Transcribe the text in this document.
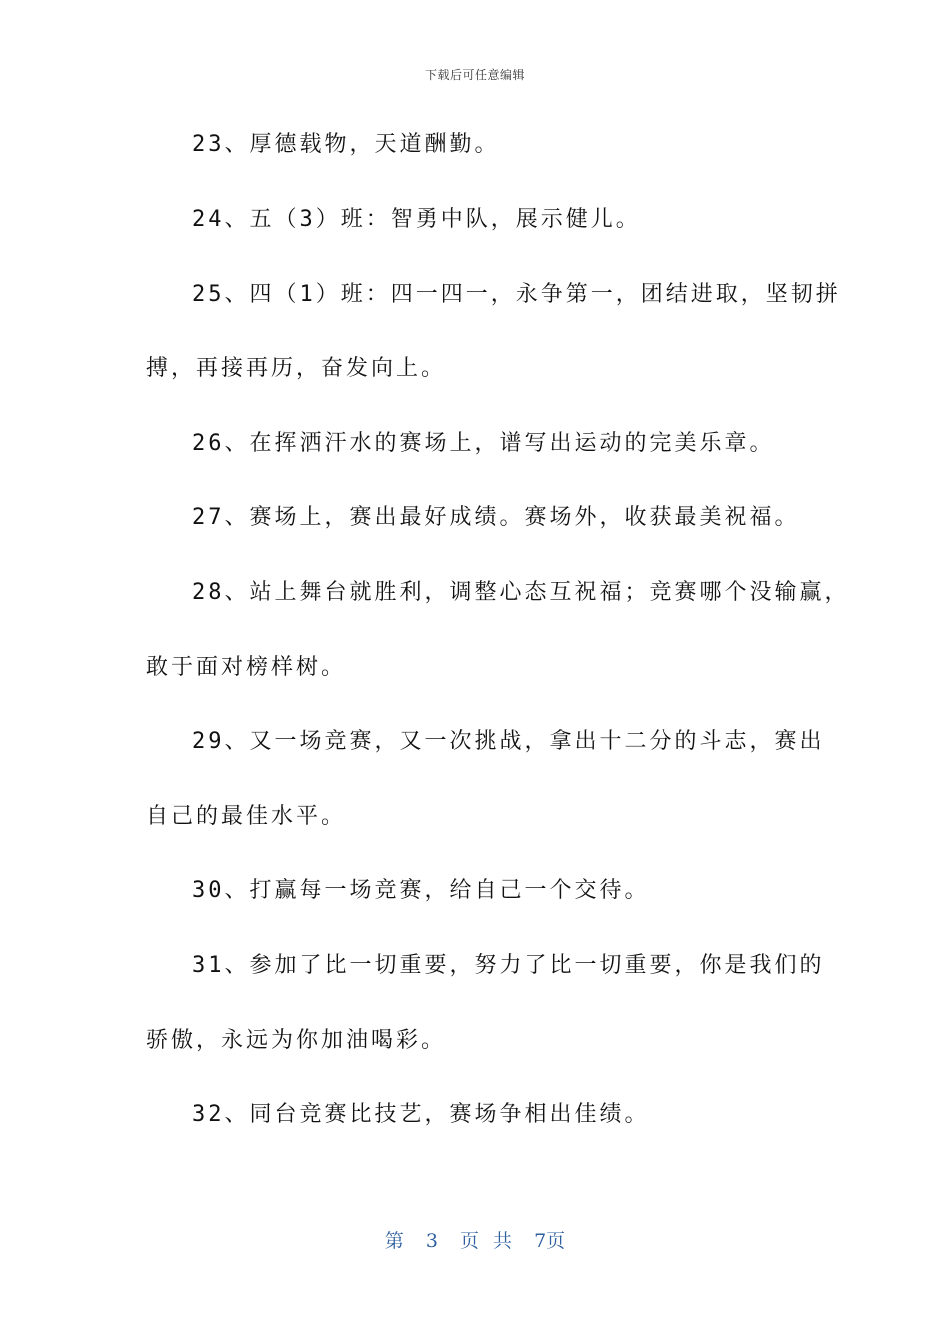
下载后可任意编辑
23、厚德载物，天道酬勤。
24、五（3）班：智勇中队，展示健儿。
25、四（1）班：四一四一，永争第一，团结进取，坚韧拼
搏，再接再历，奋发向上。
26、在挥洒汗水的赛场上，谱写出运动的完美乐章。
27、赛场上，赛出最好成绩。赛场外，收获最美祝福。
28、站上舞台就胜利，调整心态互祝福；竞赛哪个没输赢，
敢于面对榜样树。
29、又一场竞赛，又一次挑战，拿出十二分的斗志，赛出
自己的最佳水平。
30、打赢每一场竞赛，给自己一个交待。
31、参加了比一切重要，努力了比一切重要，你是我们的
骄傲，永远为你加油喝彩。
32、同台竞赛比技艺，赛场争相出佳绩。
第 3 页 共 7页
